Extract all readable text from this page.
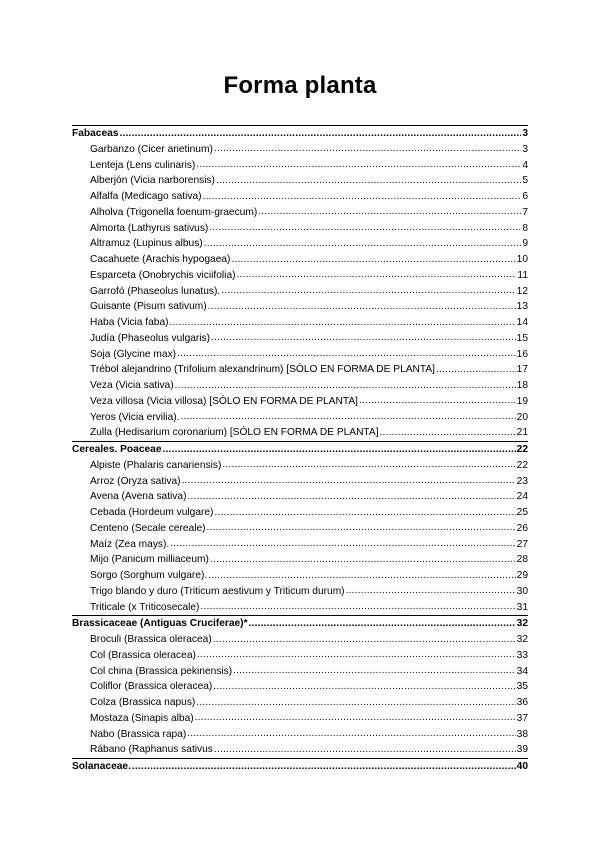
Forma planta
Fabaceas .....	3
Garbanzo (Cicer arietinum) .....	3
Lenteja (Lens culinaris) .....	4
Alberjón (Vicia narborensis) .....	5
Alfalfa (Medicago sativa) .....	6
Alholva (Trigonella foenum-graecum) .....	7
Almorta (Lathyrus sativus) .....	8
Altramuz (Lupinus albus) .....	9
Cacahuete (Arachis hypogaea) .....	10
Esparceta (Onobrychis viciifolia) .....	11
Garrofó (Phaseolus lunatus). .....	12
Guisante (Pisum sativum) .....	13
Haba (Vicia faba) .....	14
Judía (Phaseolus vulgaris) .....	15
Soja (Glycine max) .....	16
Trébol alejandrino (Trifolium alexandrinum) [SÓLO EN FORMA DE PLANTA] .....	17
Veza (Vicia sativa) .....	18
Veza villosa (Vicia villosa) [SÓLO EN FORMA DE PLANTA] .....	19
Yeros (Vicia ervilia). .....	20
Zulla (Hedisarium coronarium) [SÓLO EN FORMA DE PLANTA] .....	21
Cereales. Poaceae .....	22
Alpiste (Phalaris canariensis) .....	22
Arroz (Oryza sativa) .....	23
Avena (Avena sativa) .....	24
Cebada (Hordeum vulgare) .....	25
Centeno (Secale cereale) .....	26
Maíz (Zea mays). .....	27
Mijo (Panicum milliaceum) .....	28
Sorgo (Sorghum vulgare). .....	29
Trigo blando y duro (Triticum aestivum y Triticum durum) .....	30
Triticale (x Triticosecale) .....	31
Brassicaceae (Antiguas Cruciferae)* .....	32
Broculi (Brassica oleracea) .....	32
Col (Brassica oleracea) .....	33
Col china (Brassica pekinensis) .....	34
Coliflor (Brassica oleracea) .....	35
Colza (Brassica napus) .....	36
Mostaza (Sinapis alba) .....	37
Nabo (Brassica rapa) .....	38
Rábano (Raphanus sativus .....	39
Solanaceae. .....	40
